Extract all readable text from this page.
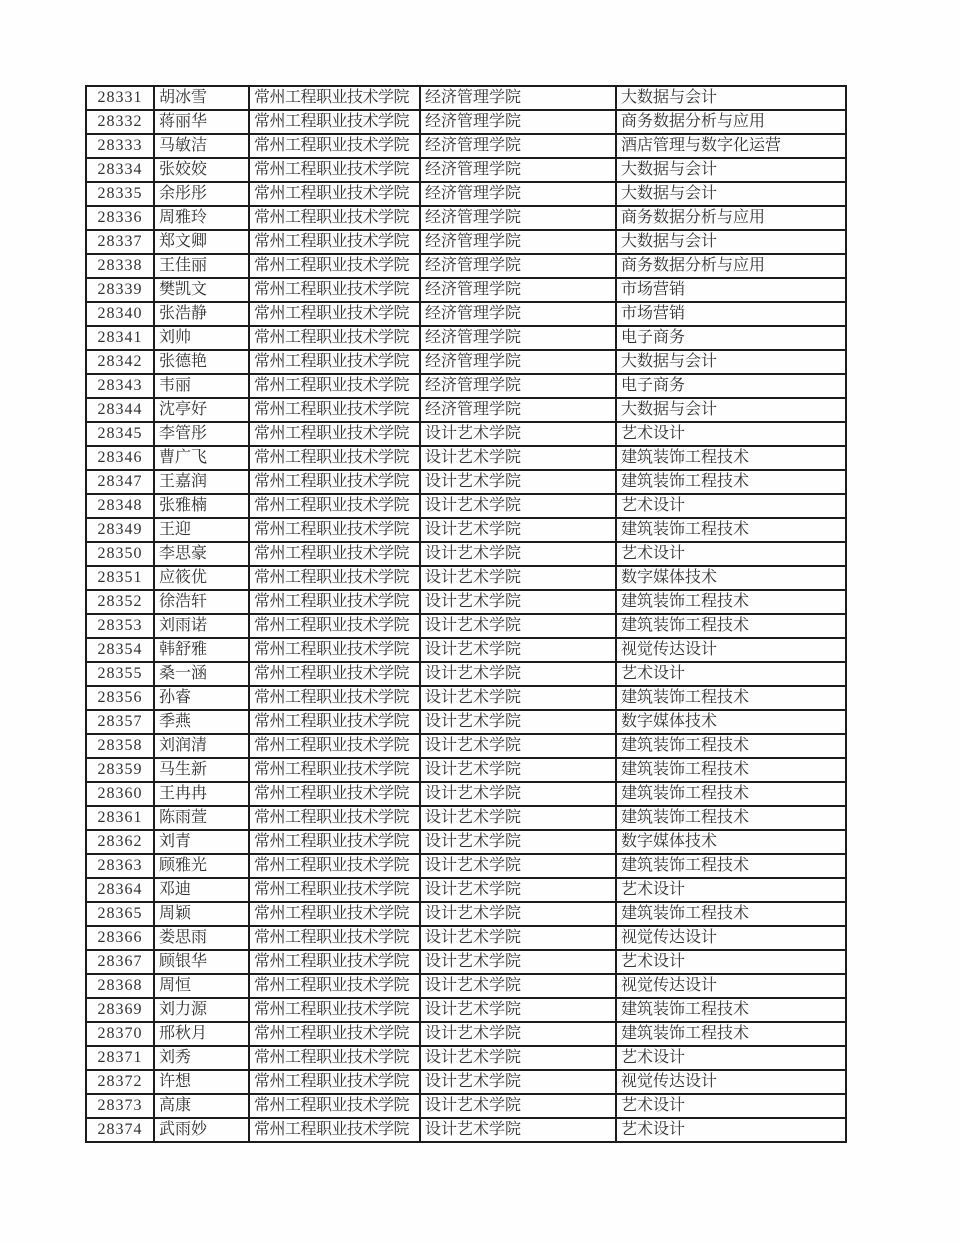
28331	胡冰雪	常州工程职业技术学院	经济管理学院	大数据与会计
28332	蒋丽华	常州工程职业技术学院	经济管理学院	商务数据分析与应用
28333	马敏洁	常州工程职业技术学院	经济管理学院	酒店管理与数字化运营
28334	张姣姣	常州工程职业技术学院	经济管理学院	大数据与会计
28335	余彤彤	常州工程职业技术学院	经济管理学院	大数据与会计
28336	周雅玲	常州工程职业技术学院	经济管理学院	商务数据分析与应用
28337	郑文卿	常州工程职业技术学院	经济管理学院	大数据与会计
28338	王佳丽	常州工程职业技术学院	经济管理学院	商务数据分析与应用
28339	樊凯文	常州工程职业技术学院	经济管理学院	市场营销
28340	张浩静	常州工程职业技术学院	经济管理学院	市场营销
28341	刘帅	常州工程职业技术学院	经济管理学院	电子商务
28342	张德艳	常州工程职业技术学院	经济管理学院	大数据与会计
28343	韦丽	常州工程职业技术学院	经济管理学院	电子商务
28344	沈亭好	常州工程职业技术学院	经济管理学院	大数据与会计
28345	李管彤	常州工程职业技术学院	设计艺术学院	艺术设计
28346	曹广飞	常州工程职业技术学院	设计艺术学院	建筑装饰工程技术
28347	王嘉润	常州工程职业技术学院	设计艺术学院	建筑装饰工程技术
28348	张雅楠	常州工程职业技术学院	设计艺术学院	艺术设计
28349	王迎	常州工程职业技术学院	设计艺术学院	建筑装饰工程技术
28350	李思豪	常州工程职业技术学院	设计艺术学院	艺术设计
28351	应筱优	常州工程职业技术学院	设计艺术学院	数字媒体技术
28352	徐浩轩	常州工程职业技术学院	设计艺术学院	建筑装饰工程技术
28353	刘雨诺	常州工程职业技术学院	设计艺术学院	建筑装饰工程技术
28354	韩舒雅	常州工程职业技术学院	设计艺术学院	视觉传达设计
28355	桑一涵	常州工程职业技术学院	设计艺术学院	艺术设计
28356	孙睿	常州工程职业技术学院	设计艺术学院	建筑装饰工程技术
28357	季燕	常州工程职业技术学院	设计艺术学院	数字媒体技术
28358	刘润清	常州工程职业技术学院	设计艺术学院	建筑装饰工程技术
28359	马生新	常州工程职业技术学院	设计艺术学院	建筑装饰工程技术
28360	王冉冉	常州工程职业技术学院	设计艺术学院	建筑装饰工程技术
28361	陈雨萱	常州工程职业技术学院	设计艺术学院	建筑装饰工程技术
28362	刘青	常州工程职业技术学院	设计艺术学院	数字媒体技术
28363	顾雅光	常州工程职业技术学院	设计艺术学院	建筑装饰工程技术
28364	邓迪	常州工程职业技术学院	设计艺术学院	艺术设计
28365	周颖	常州工程职业技术学院	设计艺术学院	建筑装饰工程技术
28366	娄思雨	常州工程职业技术学院	设计艺术学院	视觉传达设计
28367	顾银华	常州工程职业技术学院	设计艺术学院	艺术设计
28368	周恒	常州工程职业技术学院	设计艺术学院	视觉传达设计
28369	刘力源	常州工程职业技术学院	设计艺术学院	建筑装饰工程技术
28370	邢秋月	常州工程职业技术学院	设计艺术学院	建筑装饰工程技术
28371	刘秀	常州工程职业技术学院	设计艺术学院	艺术设计
28372	许想	常州工程职业技术学院	设计艺术学院	视觉传达设计
28373	高康	常州工程职业技术学院	设计艺术学院	艺术设计
28374	武雨妙	常州工程职业技术学院	设计艺术学院	艺术设计
